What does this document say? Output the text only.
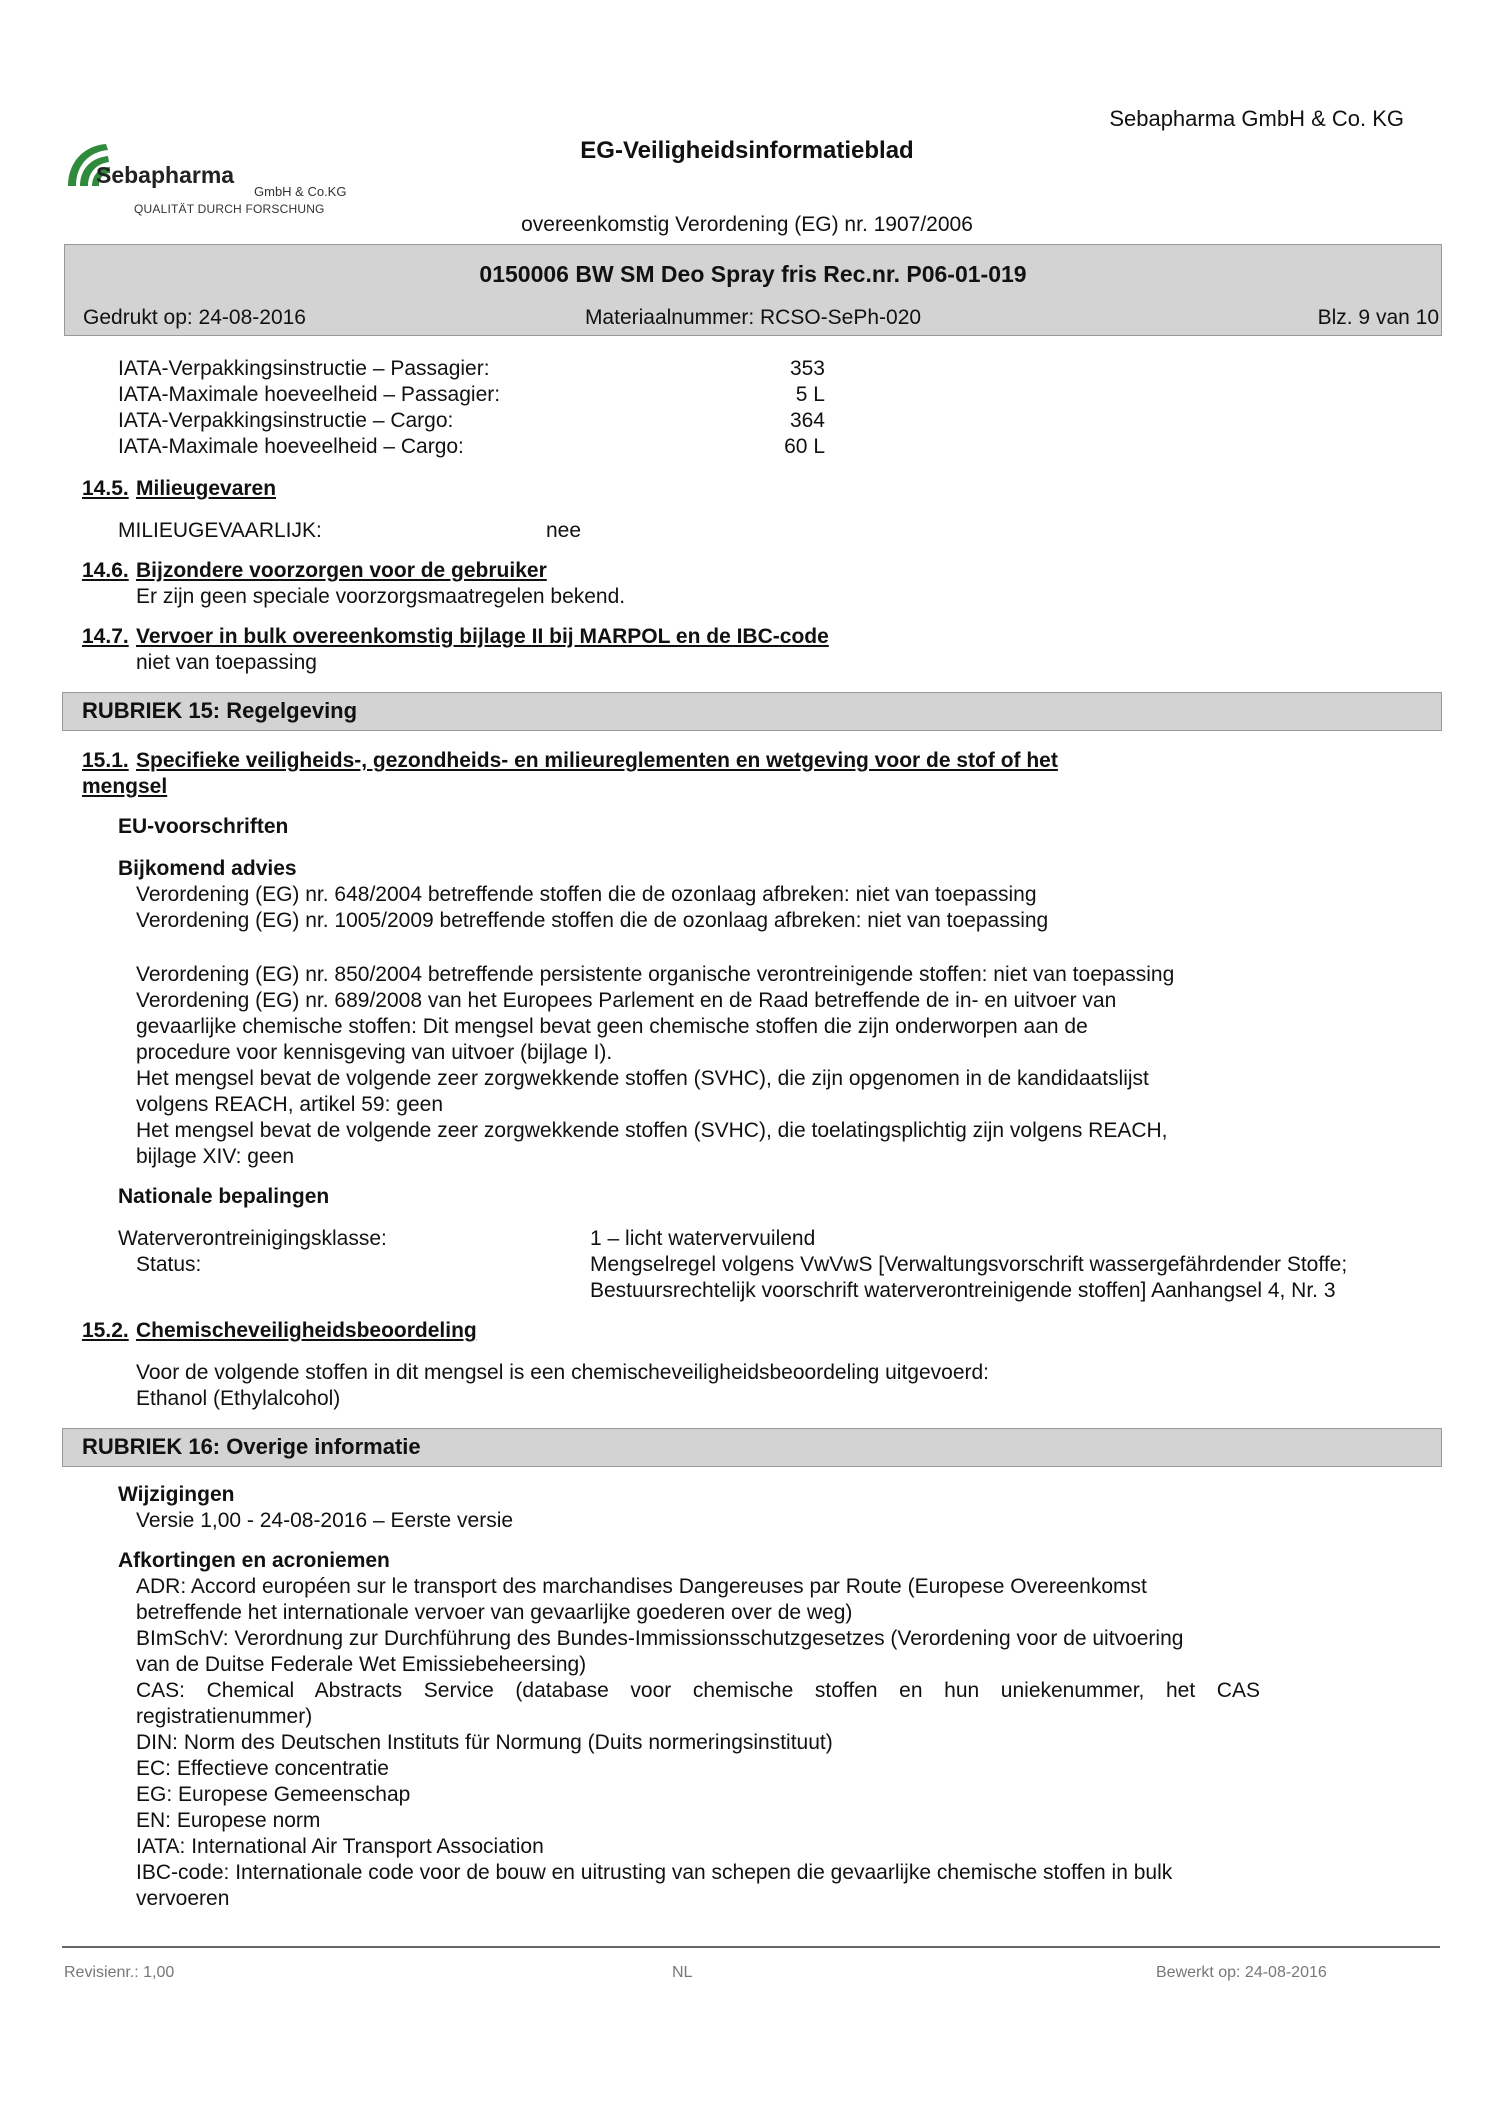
Sebapharma
GmbH & Co.KG
QUALITÄT DURCH FORSCHUNG
Sebapharma GmbH & Co. KG
EG-Veiligheidsinformatieblad
overeenkomstig Verordening (EG) nr. 1907/2006
0150006 BW SM Deo Spray fris Rec.nr. P06-01-019
Gedrukt op: 24-08-2016	Materiaalnummer: RCSO-SePh-020	Blz. 9 van 10
IATA-Verpakkingsinstructie – Passagier:	353
IATA-Maximale hoeveelheid – Passagier:	5 L
IATA-Verpakkingsinstructie – Cargo:	364
IATA-Maximale hoeveelheid – Cargo:	60 L
14.5. Milieugevaren
MILIEUGEVAARLIJK:	nee
14.6. Bijzondere voorzorgen voor de gebruiker
Er zijn geen speciale voorzorgsmaatregelen bekend.
14.7. Vervoer in bulk overeenkomstig bijlage II bij MARPOL en de IBC-code
niet van toepassing
RUBRIEK 15: Regelgeving
15.1. Specifieke veiligheids-, gezondheids- en milieureglementen en wetgeving voor de stof of het
mengsel
EU-voorschriften
Bijkomend advies
Verordening (EG) nr. 648/2004 betreffende stoffen die de ozonlaag afbreken: niet van toepassing
Verordening (EG) nr. 1005/2009 betreffende stoffen die de ozonlaag afbreken: niet van toepassing
Verordening (EG) nr. 850/2004 betreffende persistente organische verontreinigende stoffen: niet van toepassing
Verordening (EG) nr. 689/2008 van het Europees Parlement en de Raad betreffende de in- en uitvoer van
gevaarlijke chemische stoffen: Dit mengsel bevat geen chemische stoffen die zijn onderworpen aan de
procedure voor kennisgeving van uitvoer (bijlage I).
Het mengsel bevat de volgende zeer zorgwekkende stoffen (SVHC), die zijn opgenomen in de kandidaatslijst
volgens REACH, artikel 59: geen
Het mengsel bevat de volgende zeer zorgwekkende stoffen (SVHC), die toelatingsplichtig zijn volgens REACH,
bijlage XIV: geen
Nationale bepalingen
Waterverontreinigingsklasse:	1 – licht watervervuilend
Status:	Mengselregel volgens VwVwS [Verwaltungsvorschrift wassergefährdender Stoffe;
Bestuursrechtelijk voorschrift waterverontreinigende stoffen] Aanhangsel 4, Nr. 3
15.2. Chemischeveiligheidsbeoordeling
Voor de volgende stoffen in dit mengsel is een chemischeveiligheidsbeoordeling uitgevoerd:
Ethanol (Ethylalcohol)
RUBRIEK 16: Overige informatie
Wijzigingen
Versie 1,00 - 24-08-2016 – Eerste versie
Afkortingen en acroniemen
ADR: Accord européen sur le transport des marchandises Dangereuses par Route (Europese Overeenkomst
betreffende het internationale vervoer van gevaarlijke goederen over de weg)
BImSchV: Verordnung zur Durchführung des Bundes-Immissionsschutzgesetzes (Verordening voor de uitvoering
van de Duitse Federale Wet Emissiebeheersing)
CAS: Chemical Abstracts Service (database voor chemische stoffen en hun uniekenummer, het CAS
registratienummer)
DIN: Norm des Deutschen Instituts für Normung (Duits normeringsinstituut)
EC: Effectieve concentratie
EG: Europese Gemeenschap
EN: Europese norm
IATA: International Air Transport Association
IBC-code: Internationale code voor de bouw en uitrusting van schepen die gevaarlijke chemische stoffen in bulk
vervoeren
Revisienr.: 1,00	NL	Bewerkt op: 24-08-2016
